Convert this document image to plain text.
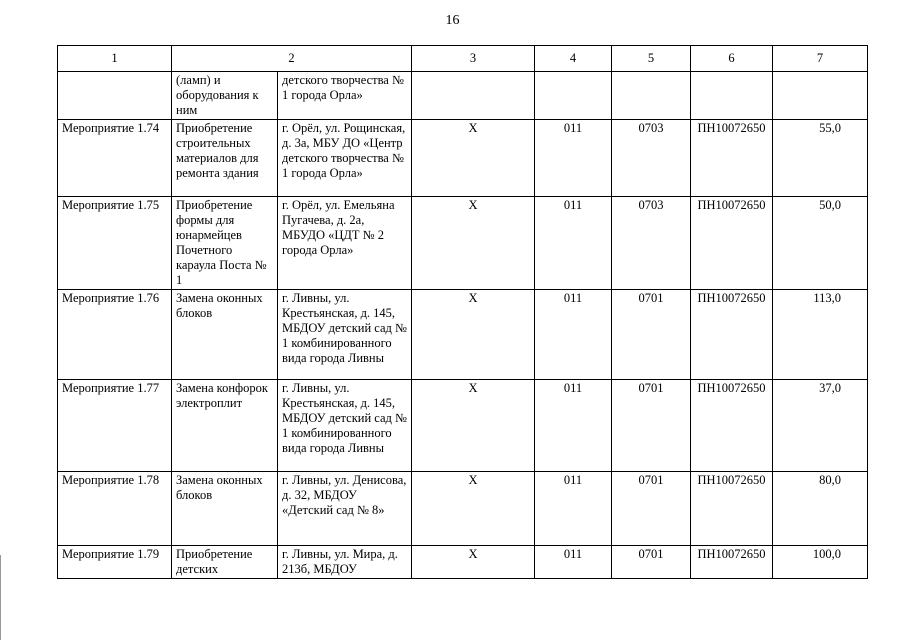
16
1	2		3	4	5	6	7
	(ламп) и оборудования к ним	детского творчества № 1 города Орла»					
Мероприятие 1.74	Приобретение строительных материалов для ремонта здания	г. Орёл, ул. Рощинская, д. 3а, МБУ ДО «Центр детского творчества № 1 города Орла»	X	011	0703	ПН10072650	55,0
Мероприятие 1.75	Приобретение формы для юнармейцев Почетного караула Поста № 1	г. Орёл, ул. Емельяна Пугачева, д. 2а, МБУДО «ЦДТ № 2 города Орла»	X	011	0703	ПН10072650	50,0
Мероприятие 1.76	Замена оконных блоков	г. Ливны, ул. Крестьянская, д. 145, МБДОУ детский сад № 1 комбинированного вида города Ливны	X	011	0701	ПН10072650	113,0
Мероприятие 1.77	Замена конфорок электроплит	г. Ливны, ул. Крестьянская, д. 145, МБДОУ детский сад № 1 комбинированного вида города Ливны	X	011	0701	ПН10072650	37,0
Мероприятие 1.78	Замена оконных блоков	г. Ливны, ул. Денисова, д. 32, МБДОУ «Детский сад № 8»	X	011	0701	ПН10072650	80,0
Мероприятие 1.79	Приобретение детских	г. Ливны, ул. Мира, д. 213б, МБДОУ	X	011	0701	ПН10072650	100,0
